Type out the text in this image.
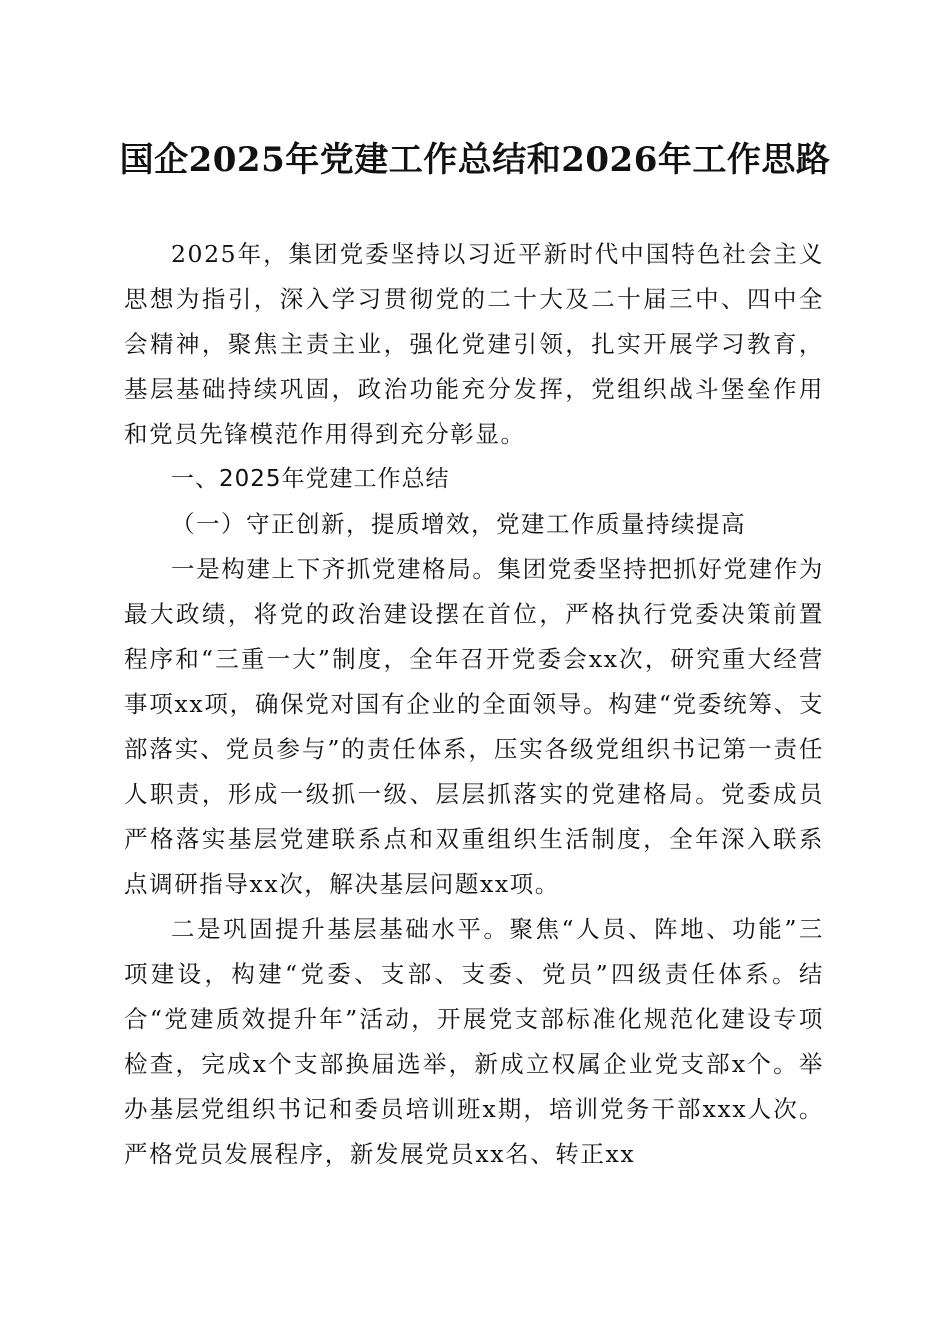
国企2025年党建工作总结和2026年工作思路

2025年，集团党委坚持以习近平新时代中国特色社会主义思想为指引，深入学习贯彻党的二十大及二十届三中、四中全会精神，聚焦主责主业，强化党建引领，扎实开展学习教育，基层基础持续巩固，政治功能充分发挥，党组织战斗堡垒作用和党员先锋模范作用得到充分彰显。

一、2025年党建工作总结

（一）守正创新，提质增效，党建工作质量持续提高

一是构建上下齐抓党建格局。集团党委坚持把抓好党建作为最大政绩，将党的政治建设摆在首位，严格执行党委决策前置程序和“三重一大”制度，全年召开党委会xx次，研究重大经营事项xx项，确保党对国有企业的全面领导。构建“党委统筹、支部落实、党员参与”的责任体系，压实各级党组织书记第一责任人职责，形成一级抓一级、层层抓落实的党建格局。党委成员严格落实基层党建联系点和双重组织生活制度，全年深入联系点调研指导xx次，解决基层问题xx项。

二是巩固提升基层基础水平。聚焦“人员、阵地、功能”三项建设，构建“党委、支部、支委、党员”四级责任体系。结合“党建质效提升年”活动，开展党支部标准化规范化建设专项检查，完成x个支部换届选举，新成立权属企业党支部x个。举办基层党组织书记和委员培训班x期，培训党务干部xxx人次。严格党员发展程序，新发展党员xx名、转正xx
